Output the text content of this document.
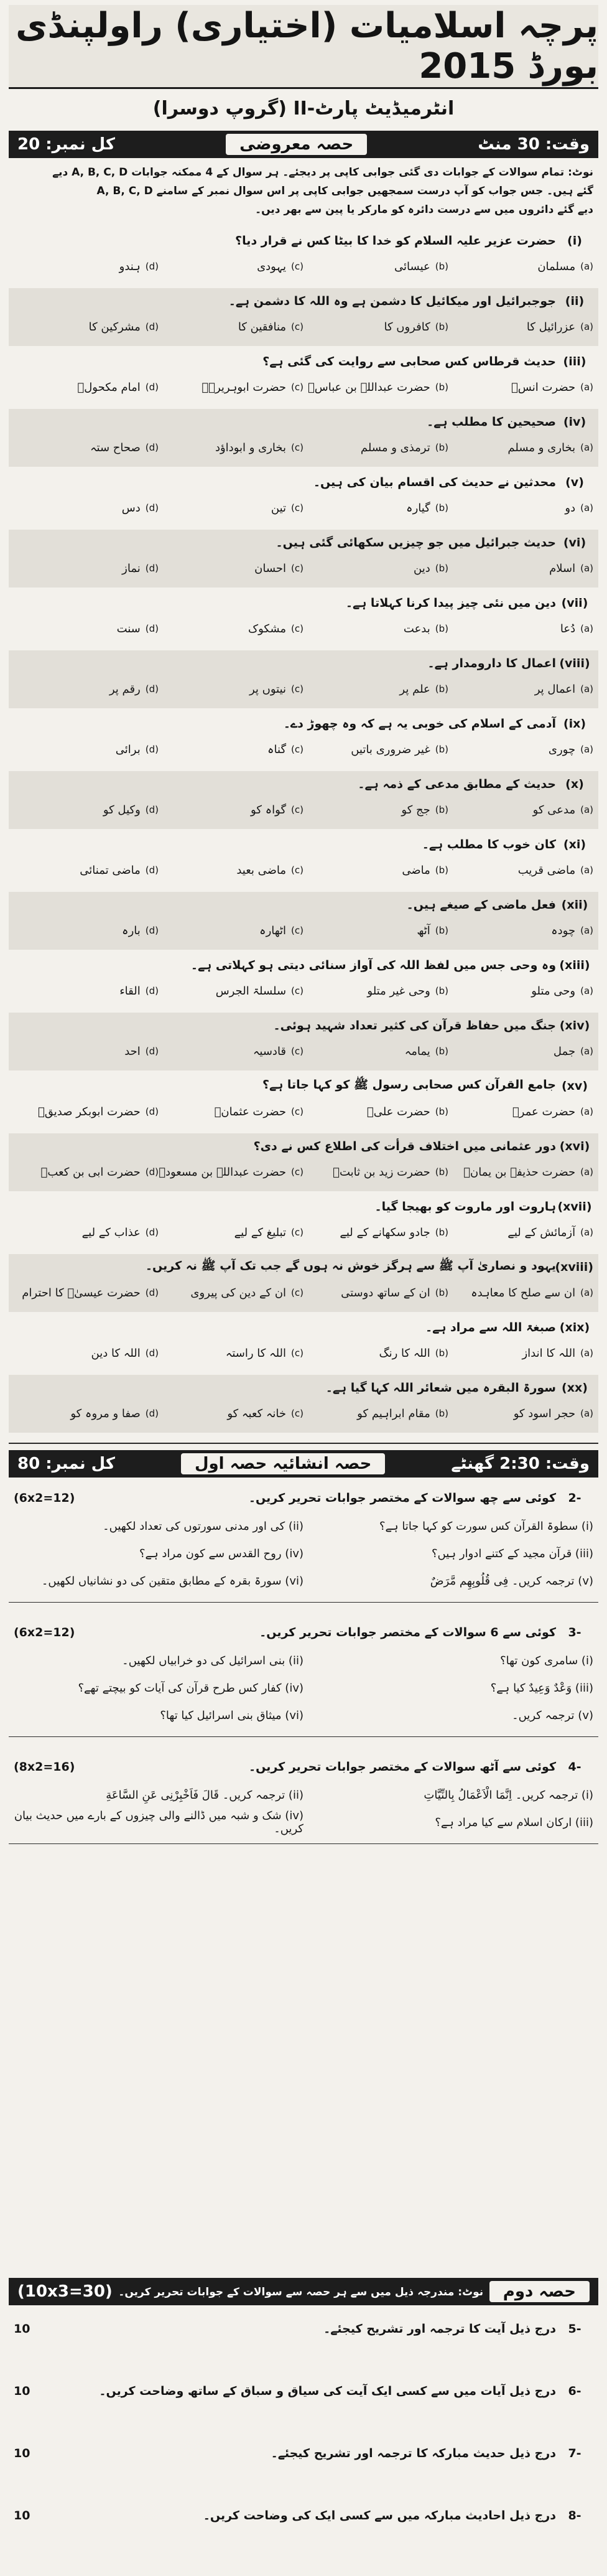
پرچہ اسلامیات (اختیاری) راولپنڈی بورڈ 2015
انٹرمیڈیٹ پارٹ-II (گروپ دوسرا)
وقت: 30 منٹ
حصہ معروضی
کل نمبر: 20
نوٹ: تمام سوالات کے جوابات دی گئی جوابی کاپی پر دیجئے۔ ہر سوال کے 4 ممکنہ جوابات A, B, C, D دیے
گئے ہیں۔ جس جواب کو آپ درست سمجھیں جوابی کاپی پر اس سوال نمبر کے سامنے A, B, C, D
دیے گئے دائروں میں سے درست دائرہ کو مارکر یا پین سے بھر دیں۔
(i)
حضرت عزیر علیہ السلام کو خدا کا بیٹا کس نے قرار دیا؟
(a)
مسلمان
(b)
عیسائی
(c)
یہودی
(d)
ہندو
(ii)
جوجبرائیل اور میکائیل کا دشمن ہے وہ اللہ کا دشمن ہے۔
(a)
عزرائیل کا
(b)
کافروں کا
(c)
منافقین کا
(d)
مشرکین کا
(iii)
حدیث قرطاس کس صحابی سے روایت کی گئی ہے؟
(a)
حضرت انسؓ
(b)
حضرت عبداللہ بن عباسؓ
(c)
حضرت ابوہریرہؓ
(d)
امام مکحولؒ
(iv)
صحیحین کا مطلب ہے۔
(a)
بخاری و مسلم
(b)
ترمذی و مسلم
(c)
بخاری و ابوداؤد
(d)
صحاح ستہ
(v)
محدثین نے حدیث کی اقسام بیان کی ہیں۔
(a)
دو
(b)
گیارہ
(c)
تین
(d)
دس
(vi)
حدیث جبرائیل میں جو چیزیں سکھائی گئی ہیں۔
(a)
اسلام
(b)
دین
(c)
احسان
(d)
نماز
(vii)
دین میں نئی چیز پیدا کرنا کہلاتا ہے۔
(a)
دُعا
(b)
بدعت
(c)
مشکوک
(d)
سنت
(viii)
اعمال کا دارومدار ہے۔
(a)
اعمال پر
(b)
علم پر
(c)
نیتوں پر
(d)
رقم پر
(ix)
آدمی کے اسلام کی خوبی یہ ہے کہ وہ چھوڑ دے۔
(a)
چوری
(b)
غیر ضروری باتیں
(c)
گناہ
(d)
برائی
(x)
حدیث کے مطابق مدعی کے ذمہ ہے۔
(a)
مدعی کو
(b)
جج کو
(c)
گواہ کو
(d)
وکیل کو
(xi)
کان خوب کا مطلب ہے۔
(a)
ماضی قریب
(b)
ماضی
(c)
ماضی بعید
(d)
ماضی تمنائی
(xii)
فعل ماضی کے صیغے ہیں۔
(a)
چودہ
(b)
آٹھ
(c)
اٹھارہ
(d)
بارہ
(xiii)
وہ وحی جس میں لفظ اللہ کی آواز سنائی دیتی ہو کہلاتی ہے۔
(a)
وحی متلو
(b)
وحی غیر متلو
(c)
سلسلۃ الجرس
(d)
القاء
(xiv)
جنگ میں حفاظ قرآن کی کثیر تعداد شہید ہوئی۔
(a)
جمل
(b)
یمامہ
(c)
قادسیہ
(d)
احد
(xv)
جامع القرآن کس صحابی رسول ﷺ کو کہا جاتا ہے؟
(a)
حضرت عمرؓ
(b)
حضرت علیؓ
(c)
حضرت عثمانؓ
(d)
حضرت ابوبکر صدیقؓ
(xvi)
دور عثمانی میں اختلاف قرأت کی اطلاع کس نے دی؟
(a)
حضرت حذیفہ بن یمانؓ
(b)
حضرت زید بن ثابتؓ
(c)
حضرت عبداللہ بن مسعودؓ
(d)
حضرت ابی بن کعبؓ
(xvii)
ہاروت اور ماروت کو بھیجا گیا۔
(a)
آزمائش کے لیے
(b)
جادو سکھانے کے لیے
(c)
تبلیغ کے لیے
(d)
عذاب کے لیے
(xviii)
یہود و نصاریٰ آپ ﷺ سے ہرگز خوش نہ ہوں گے جب تک آپ ﷺ نہ کریں۔
(a)
ان سے صلح کا معاہدہ
(b)
ان کے ساتھ دوستی
(c)
ان کے دین کی پیروی
(d)
حضرت عیسیٰؑ کا احترام
(xix)
صبغۃ اللہ سے مراد ہے۔
(a)
اللہ کا انداز
(b)
اللہ کا رنگ
(c)
اللہ کا راستہ
(d)
اللہ کا دین
(xx)
سورۃ البقرہ میں شعائر اللہ کہا گیا ہے۔
(a)
حجر اسود کو
(b)
مقام ابراہیم کو
(c)
خانہ کعبہ کو
(d)
صفا و مروہ کو
وقت: 2:30 گھنٹے
حصہ انشائیہ حصہ اول
کل نمبر: 80
-2
کوئی سے چھ سوالات کے مختصر جوابات تحریر کریں۔
(6x2=12)
(i) سطوۃ القرآن کس سورت کو کہا جاتا ہے؟
(ii) کی اور مدنی سورتوں کی تعداد لکھیں۔
(iii) قرآن مجید کے کتنے ادوار ہیں؟
(iv) روح القدس سے کون مراد ہے؟
(v) ترجمہ کریں۔ فِی قُلُوبِهِم مَّرَضٌ
(vi) سورۃ بقرہ کے مطابق متقین کی دو نشانیاں لکھیں۔
-3
کوئی سے 6 سوالات کے مختصر جوابات تحریر کریں۔
(6x2=12)
(i) سامری کون تھا؟
(ii) بنی اسرائیل کی دو خرابیاں لکھیں۔
(iii) وَعْدٌ وَعِيدٌ کیا ہے؟
(iv) کفار کس طرح قرآن کی آیات کو بیچتے تھے؟
(v) ترجمہ کریں۔
(vi) میثاق بنی اسرائیل کیا تھا؟
-4
کوئی سے آٹھ سوالات کے مختصر جوابات تحریر کریں۔
(8x2=16)
(i) ترجمہ کریں۔ اِنَّمَا الْاَعْمَالُ بِالنِّيَّاتِ
(ii) ترجمہ کریں۔ قَالَ فَاَخْبِرْنِی عَنِ السَّاعَةِ
(iii) ارکان اسلام سے کیا مراد ہے؟
(iv) شک و شبہ میں ڈالنے والی چیزوں کے بارے میں حدیث بیان کریں۔
حصہ دوم
نوٹ: مندرجہ ذیل میں سے ہر حصہ سے سوالات کے جوابات تحریر کریں۔
(10x3=30)
-5
درج ذیل آیت کا ترجمہ اور تشریح کیجئے۔
10
-6
درج ذیل آیات میں سے کسی ایک آیت کی سیاق و سباق کے ساتھ وضاحت کریں۔
10
-7
درج ذیل حدیث مبارکہ کا ترجمہ اور تشریح کیجئے۔
10
-8
درج ذیل احادیث مبارکہ میں سے کسی ایک کی وضاحت کریں۔
10
